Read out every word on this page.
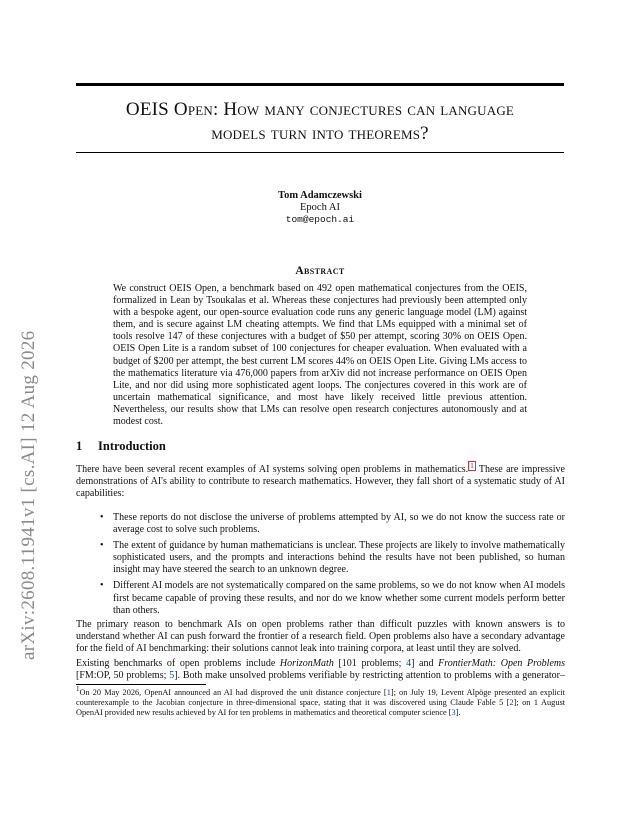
arXiv:2608.11941v1 [cs.AI] 12 Aug 2026
OEIS Open: How many conjectures can language
models turn into theorems?
Tom Adamczewski
Epoch AI
tom@epoch.ai
Abstract
We construct OEIS Open, a benchmark based on 492 open mathematical conjectures from the OEIS, formalized in Lean by Tsoukalas et al. Whereas these conjectures had previously been attempted only with a bespoke agent, our open-source evaluation code runs any generic language model (LM) against them, and is secure against LM cheating attempts. We find that LMs equipped with a minimal set of tools resolve 147 of these conjectures with a budget of $50 per attempt, scoring 30% on OEIS Open. OEIS Open Lite is a random subset of 100 conjectures for cheaper evaluation. When evaluated with a budget of $200 per attempt, the best current LM scores 44% on OEIS Open Lite. Giving LMs access to the mathematics literature via 476,000 papers from arXiv did not increase performance on OEIS Open Lite, and nor did using more sophisticated agent loops. The conjectures covered in this work are of uncertain mathematical significance, and most have likely received little previous attention. Nevertheless, our results show that LMs can resolve open research conjectures autonomously and at modest cost.
1 Introduction

There have been several recent examples of AI systems solving open problems in mathematics. $^1$ These are impressive demonstrations of AI's ability to contribute to research mathematics. However, they fall short of a systematic study of AI capabilities:

• These reports do not disclose the universe of problems attempted by AI, so we do not know the success rate or average cost to solve such problems.
• The extent of guidance by human mathematicians is unclear. These projects are likely to involve mathematically sophisticated users, and the prompts and interactions behind the results have not been published, so human insight may have steered the search to an unknown degree.
• Different AI models are not systematically compared on the same problems, so we do not know when AI models first became capable of proving these results, and nor do we know whether some current models perform better than others.
The primary reason to benchmark AIs on open problems rather than difficult puzzles with known answers is to understand whether AI can push forward the frontier of a research field. Open problems also have a secondary advantage for the field of AI benchmarking: their solutions cannot leak into training corpora, at least until they are solved.

Existing benchmarks of open problems include HorizonMath [101 problems; 4] and FrontierMath: Open Problems [FM:OP, 50 problems; 5]. Both make unsolved problems verifiable by restricting attention to problems with a generator–

$^1$On 20 May 2026, OpenAI announced an AI had disproved the unit distance conjecture [1]; on July 19, Levent Alpöge presented an explicit counterexample to the Jacobian conjecture in three-dimensional space, stating that it was discovered using Claude Fable 5 [2]; on 1 August OpenAI provided new results achieved by AI for ten problems in mathematics and theoretical computer science [3].
